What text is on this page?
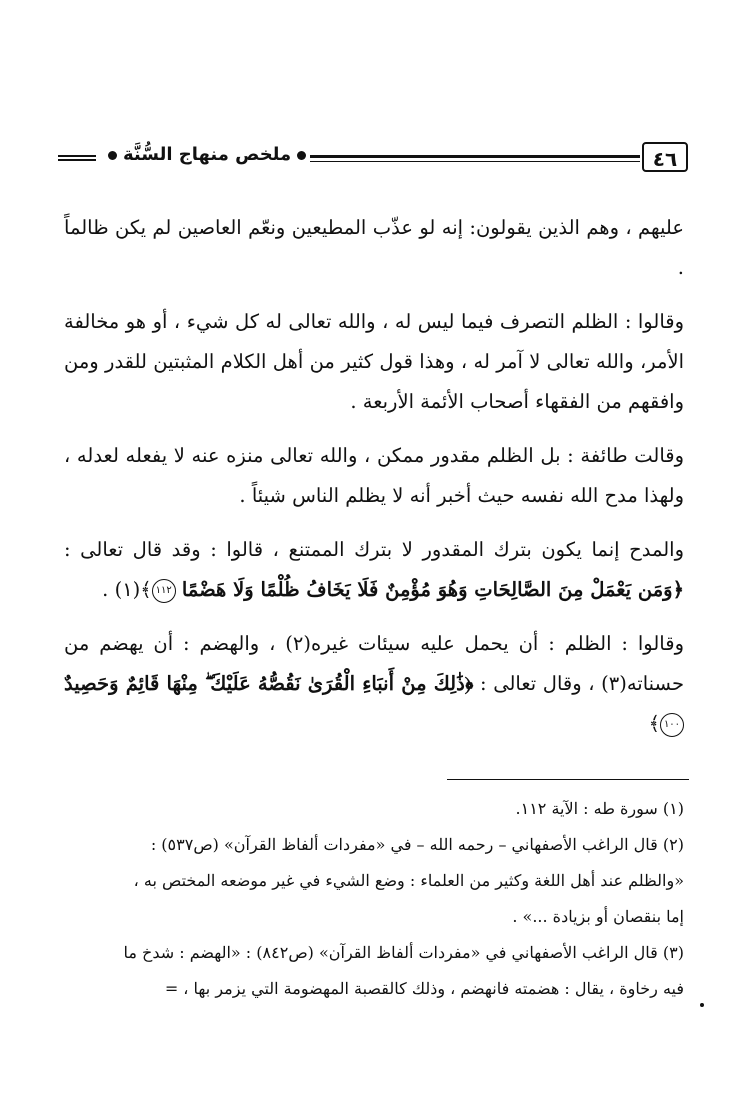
ملخص منهاج السُّنَّة	٤٦

عليهم ، وهم الذين يقولون: إنه لو عذّب المطيعين ونعّم العاصين لم يكن ظالماً .

وقالوا : الظلم التصرف فيما ليس له ، والله تعالى له كل شيء ، أو هو مخالفة الأمر، والله تعالى لا آمر له ، وهذا قول كثير من أهل الكلام المثبتين للقدر ومن وافقهم من الفقهاء أصحاب الأئمة الأربعة .

وقالت طائفة : بل الظلم مقدور ممكن ، والله تعالى منزه عنه لا يفعله لعدله ، ولهذا مدح الله نفسه حيث أخبر أنه لا يظلم الناس شيئاً .

والمدح إنما يكون بترك المقدور لا بترك الممتنع ، قالوا : وقد قال تعالى : ﴿وَمَن يَعْمَلْ مِنَ الصَّالِحَاتِ وَهُوَ مُؤْمِنٌ فَلَا يَخَافُ ظُلْمًا وَلَا هَضْمًا ١١٢﴾(١) .

وقالوا : الظلم : أن يحمل عليه سيئات غيره(٢) ، والهضم : أن يهضم من حسناته(٣) ، وقال تعالى : ﴿ذَٰلِكَ مِنْ أَنبَاءِ الْقُرَىٰ نَقُصُّهُ عَلَيْكَ ۖ مِنْهَا قَائِمٌ وَحَصِيدٌ ١٠٠﴾

(١) سورة طه : الآية ١١٢.

(٢) قال الراغب الأصفهاني – رحمه الله – في «مفردات ألفاظ القرآن» (ص٥٣٧) :

«والظلم عند أهل اللغة وكثير من العلماء : وضع الشيء في غير موضعه المختص به ،

إما بنقصان أو بزيادة ...» .

(٣) قال الراغب الأصفهاني في «مفردات ألفاظ القرآن» (ص٨٤٢) : «الهضم : شدخ ما

فيه رخاوة ، يقال : هضمته فانهضم ، وذلك كالقصبة المهضومة التي يزمر بها ، =
